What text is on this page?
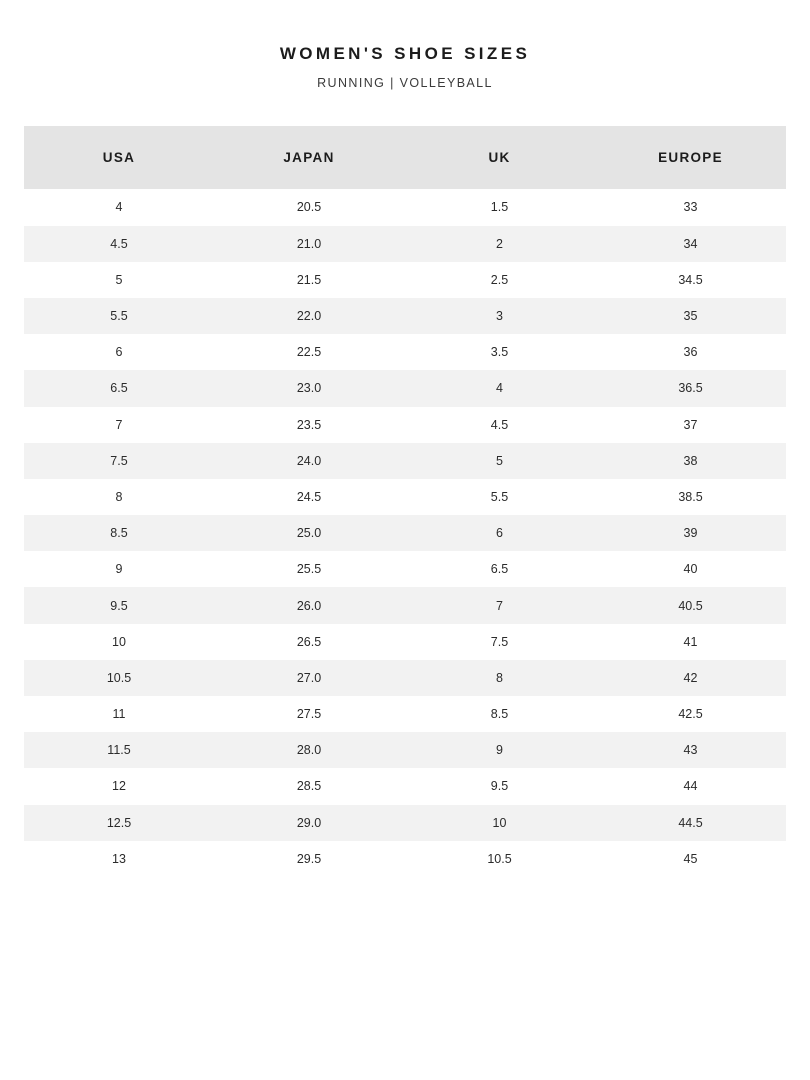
WOMEN'S SHOE SIZES

RUNNING | VOLLEYBALL

USA	JAPAN	UK	EUROPE
4	20.5	1.5	33
4.5	21.0	2	34
5	21.5	2.5	34.5
5.5	22.0	3	35
6	22.5	3.5	36
6.5	23.0	4	36.5
7	23.5	4.5	37
7.5	24.0	5	38
8	24.5	5.5	38.5
8.5	25.0	6	39
9	25.5	6.5	40
9.5	26.0	7	40.5
10	26.5	7.5	41
10.5	27.0	8	42
11	27.5	8.5	42.5
11.5	28.0	9	43
12	28.5	9.5	44
12.5	29.0	10	44.5
13	29.5	10.5	45
